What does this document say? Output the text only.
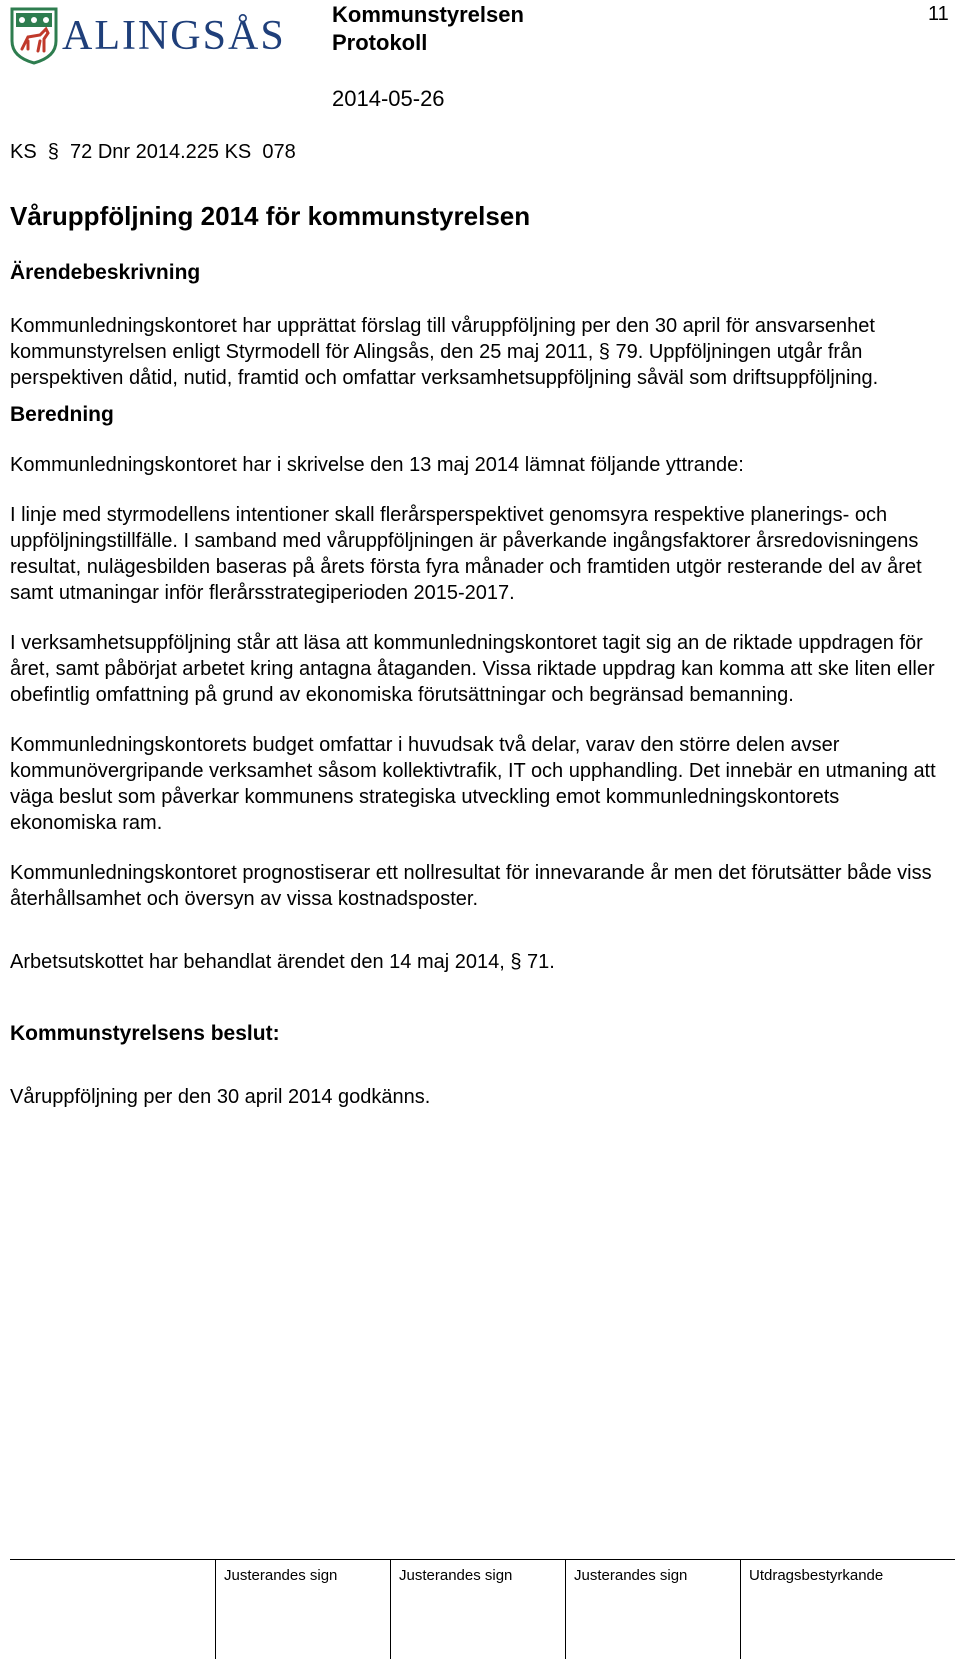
ALINGSÅS Kommunstyrelsen
Protokoll
2014-05-26
11
KS  §  72 Dnr 2014.225 KS  078
Våruppföljning 2014 för kommunstyrelsen
Ärendebeskrivning
Kommunledningskontoret har upprättat förslag till våruppföljning per den 30 april för ansvarsenhet kommunstyrelsen enligt Styrmodell för Alingsås, den 25 maj 2011, § 79. Uppföljningen utgår från perspektiven dåtid, nutid, framtid och omfattar verksamhetsuppföljning såväl som driftsuppföljning.
Beredning
Kommunledningskontoret har i skrivelse den 13 maj 2014 lämnat följande yttrande:
I linje med styrmodellens intentioner skall flerårsperspektivet genomsyra respektive planerings- och uppföljningstillfälle. I samband med våruppföljningen är påverkande ingångsfaktorer årsredovisningens resultat, nulägesbilden baseras på årets första fyra månader och framtiden utgör resterande del av året samt utmaningar inför flerårsstrategiperioden 2015-2017.
I verksamhetsuppföljning står att läsa att kommunledningskontoret tagit sig an de riktade uppdragen för året, samt påbörjat arbetet kring antagna åtaganden. Vissa riktade uppdrag kan komma att ske liten eller obefintlig omfattning på grund av ekonomiska förutsättningar och begränsad bemanning.
Kommunledningskontorets budget omfattar i huvudsak två delar, varav den större delen avser kommunövergripande verksamhet såsom kollektivtrafik, IT och upphandling. Det innebär en utmaning att väga beslut som påverkar kommunens strategiska utveckling emot kommunledningskontorets ekonomiska ram.
Kommunledningskontoret prognostiserar ett nollresultat för innevarande år men det förutsätter både viss återhållsamhet och översyn av vissa kostnadsposter.
Arbetsutskottet har behandlat ärendet den 14 maj 2014, § 71.
Kommunstyrelsens beslut:
Våruppföljning per den 30 april 2014 godkänns.
Justerandes sign	Justerandes sign	Justerandes sign	Utdragsbestyrkande
